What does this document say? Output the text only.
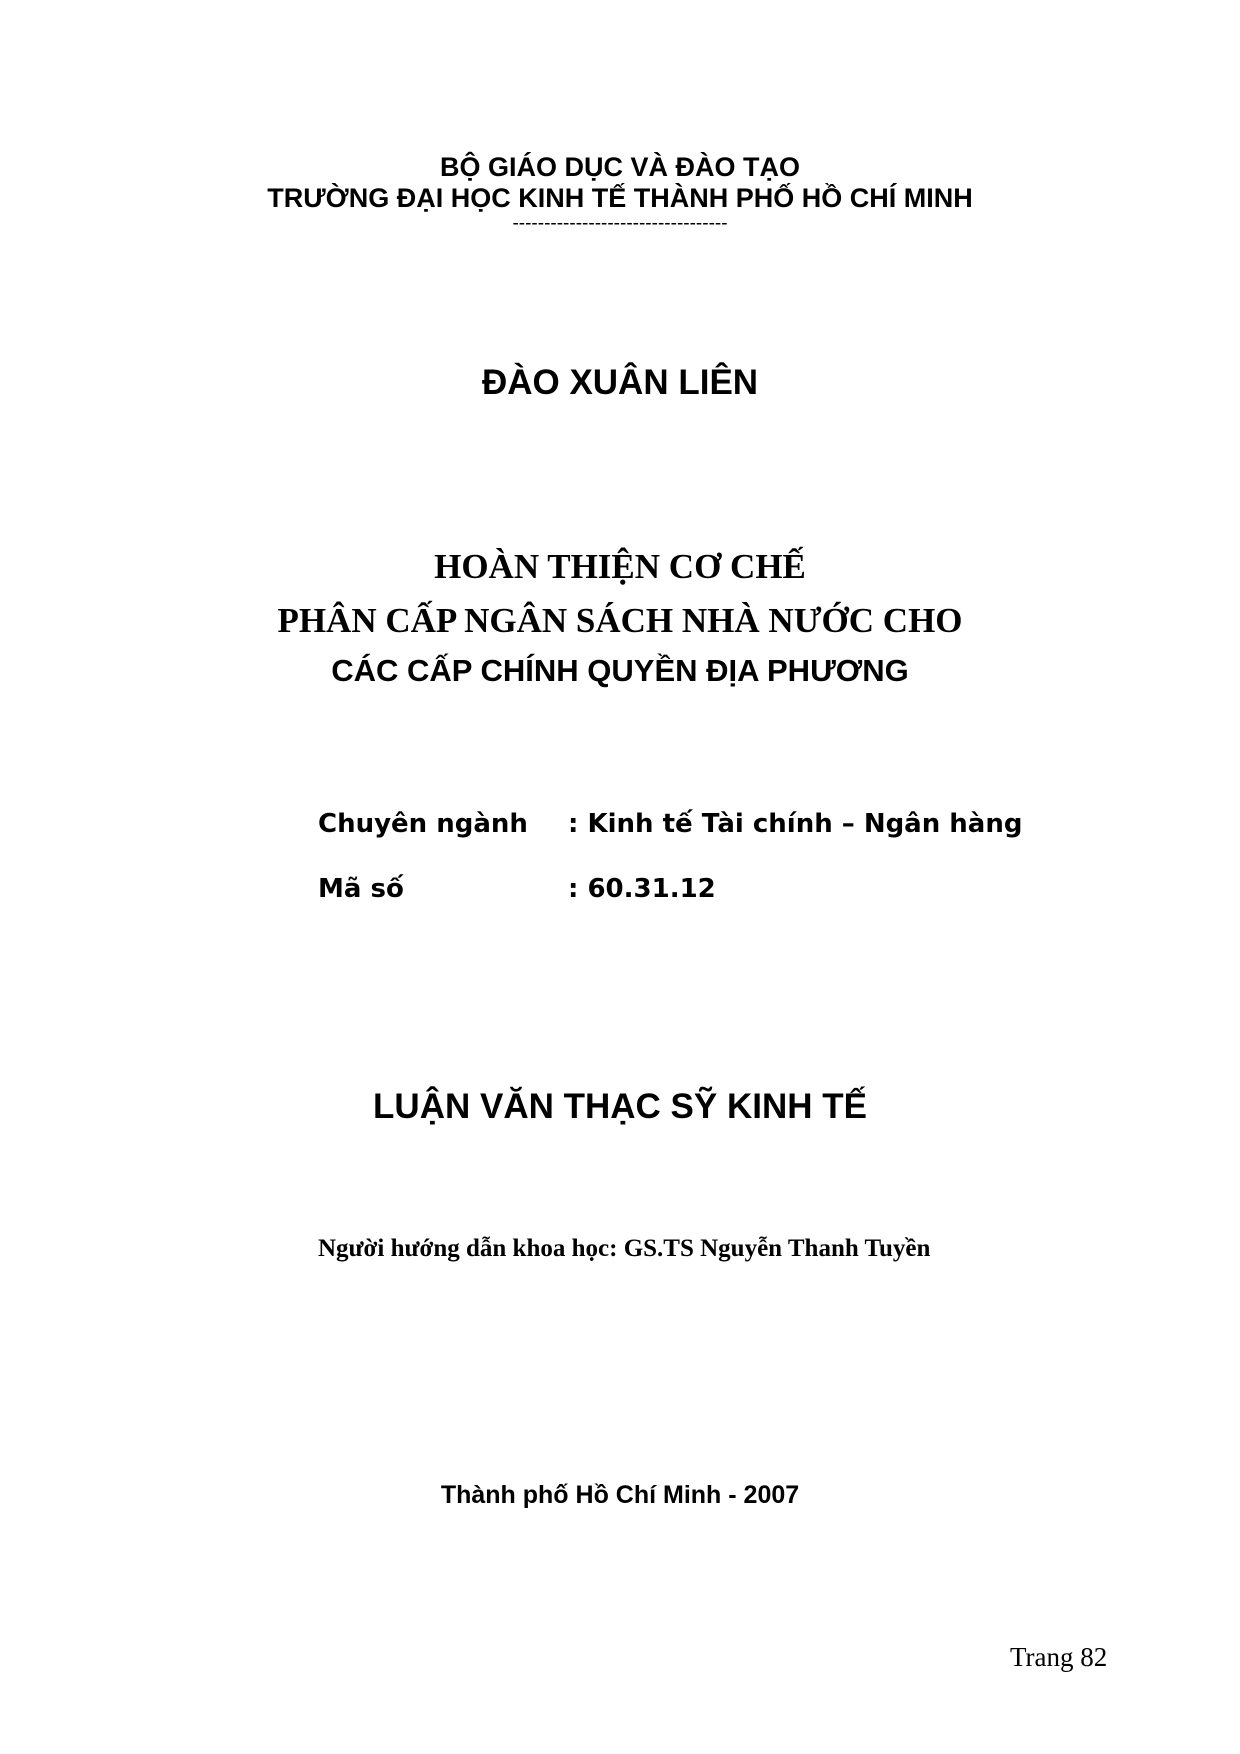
BỘ GIÁO DỤC VÀ ĐÀO TẠO
TRƯỜNG ĐẠI HỌC KINH TẾ THÀNH PHỐ HỒ CHÍ MINH
----------------------------------
ĐÀO XUÂN LIÊN
HOÀN THIỆN CƠ CHẾ
PHÂN CẤP NGÂN SÁCH NHÀ NƯỚC CHO
CÁC CẤP CHÍNH QUYỀN ĐỊA PHƯƠNG
Chuyên ngành : Kinh tế Tài chính – Ngân hàng
Mã số	: 60.31.12
LUẬN VĂN THẠC SỸ KINH TẾ
Người hướng dẫn khoa học: GS.TS Nguyễn Thanh Tuyền
Thành phố Hồ Chí Minh - 2007
Trang 82
